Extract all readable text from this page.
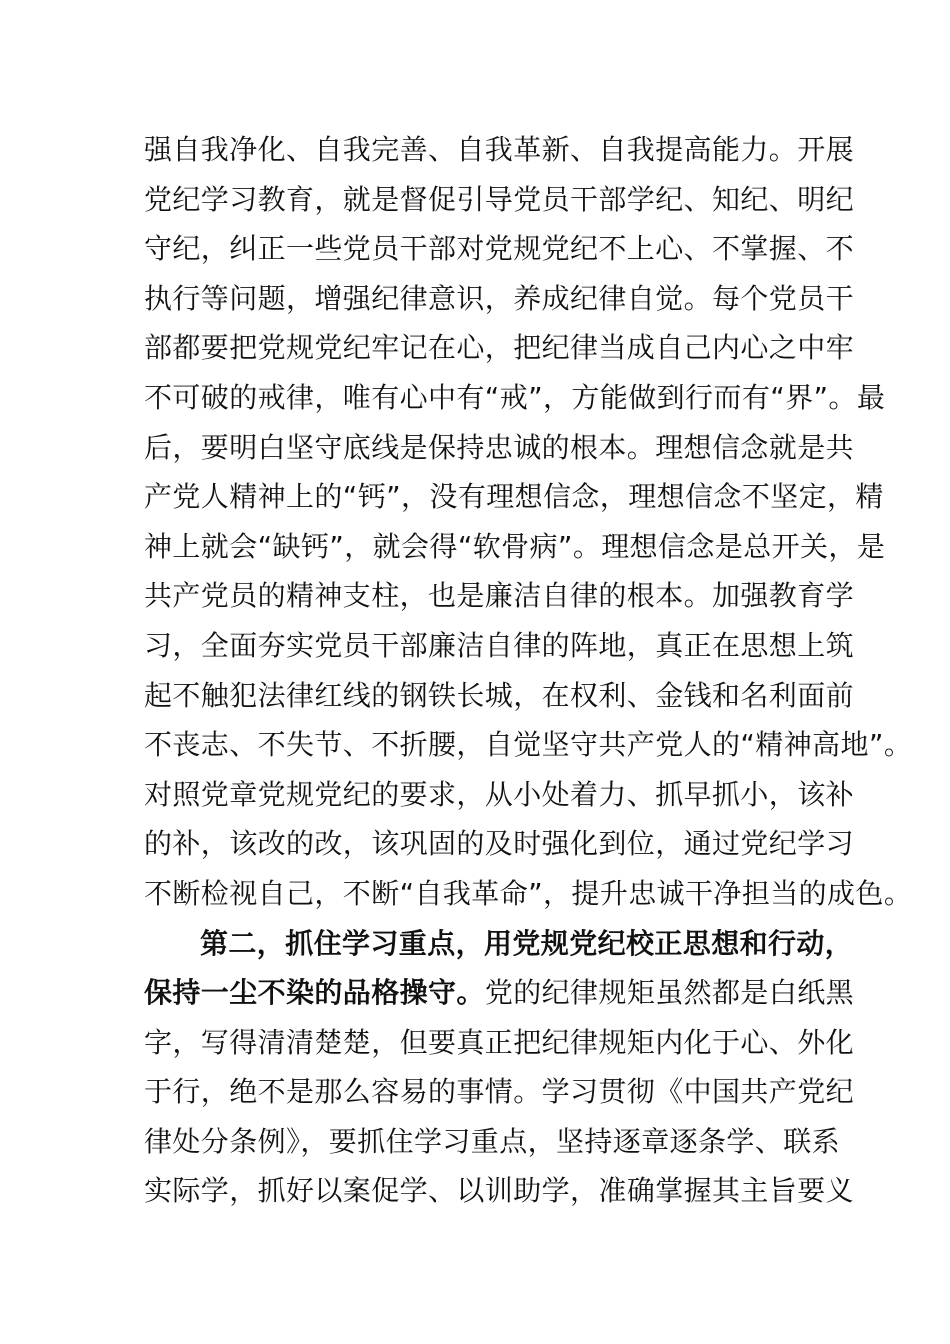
强自我净化、自我完善、自我革新、自我提高能力。开展
党纪学习教育，就是督促引导党员干部学纪、知纪、明纪
守纪，纠正一些党员干部对党规党纪不上心、不掌握、不
执行等问题，增强纪律意识，养成纪律自觉。每个党员干
部都要把党规党纪牢记在心，把纪律当成自己内心之中牢
不可破的戒律，唯有心中有“戒”，方能做到行而有“界”。最
后，要明白坚守底线是保持忠诚的根本。理想信念就是共
产党人精神上的“钙”，没有理想信念，理想信念不坚定，精
神上就会“缺钙”，就会得“软骨病”。理想信念是总开关，是
共产党员的精神支柱，也是廉洁自律的根本。加强教育学
习，全面夯实党员干部廉洁自律的阵地，真正在思想上筑
起不触犯法律红线的钢铁长城，在权利、金钱和名利面前
不丧志、不失节、不折腰，自觉坚守共产党人的“精神高地”。
对照党章党规党纪的要求，从小处着力、抓早抓小，该补
的补，该改的改，该巩固的及时强化到位，通过党纪学习
不断检视自己，不断“自我革命”，提升忠诚干净担当的成色。
第二，抓住学习重点，用党规党纪校正思想和行动，
保持一尘不染的品格操守。党的纪律规矩虽然都是白纸黑
字，写得清清楚楚，但要真正把纪律规矩内化于心、外化
于行，绝不是那么容易的事情。学习贯彻《中国共产党纪
律处分条例》，要抓住学习重点，坚持逐章逐条学、联系
实际学，抓好以案促学、以训助学，准确掌握其主旨要义
